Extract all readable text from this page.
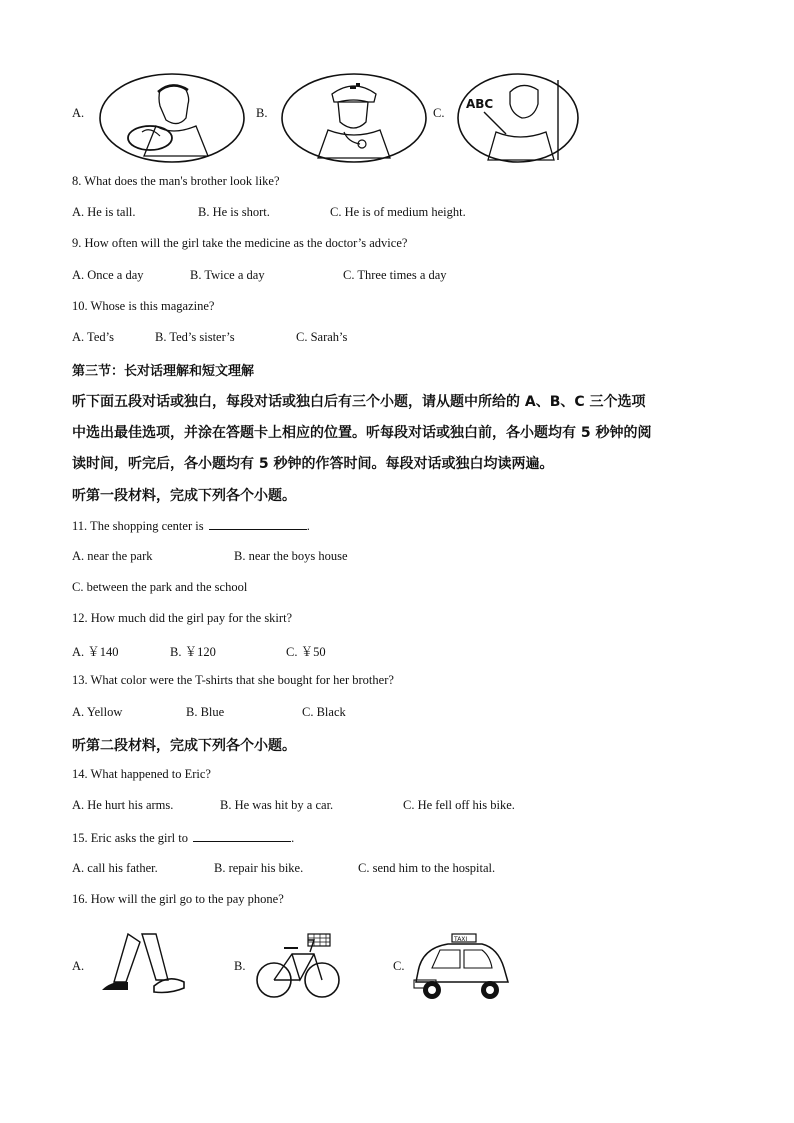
A.	B.	C.
ABC
8. What does the man's brother look like?
A. He is tall.	B. He is short.	C. He is of medium height.
9. How often will the girl take the medicine as the doctor’s advice?
A. Once a day	B. Twice a day	C. Three times a day
10. Whose is this magazine?
A. Ted’s	B. Ted’s sister’s	C. Sarah’s
第三节：长对话理解和短文理解
听下面五段对话或独白，每段对话或独白后有三个小题，请从题中所给的 A、B、C 三个选项
中选出最佳选项，并涂在答题卡上相应的位置。听每段对话或独白前，各小题均有 5 秒钟的阅
读时间，听完后，各小题均有 5 秒钟的作答时间。每段对话或独白均读两遍。
听第一段材料，完成下列各个小题。
11. The shopping center is	.
A. near the park	B. near the boys house
C. between the park and the school
12. How much did the girl pay for the skirt?
A. ￥140	B. ￥120	C. ￥50
13. What color were the T-shirts that she bought for her brother?
A. Yellow	B. Blue	C. Black
听第二段材料，完成下列各个小题。
14. What happened to Eric?
A. He hurt his arms.	B. He was hit by a car.	C. He fell off his bike.
15. Eric asks the girl to	.
A. call his father.	B. repair his bike.	C. send him to the hospital.
16. How will the girl go to the pay phone?
A.	B.	C.
TAXI
